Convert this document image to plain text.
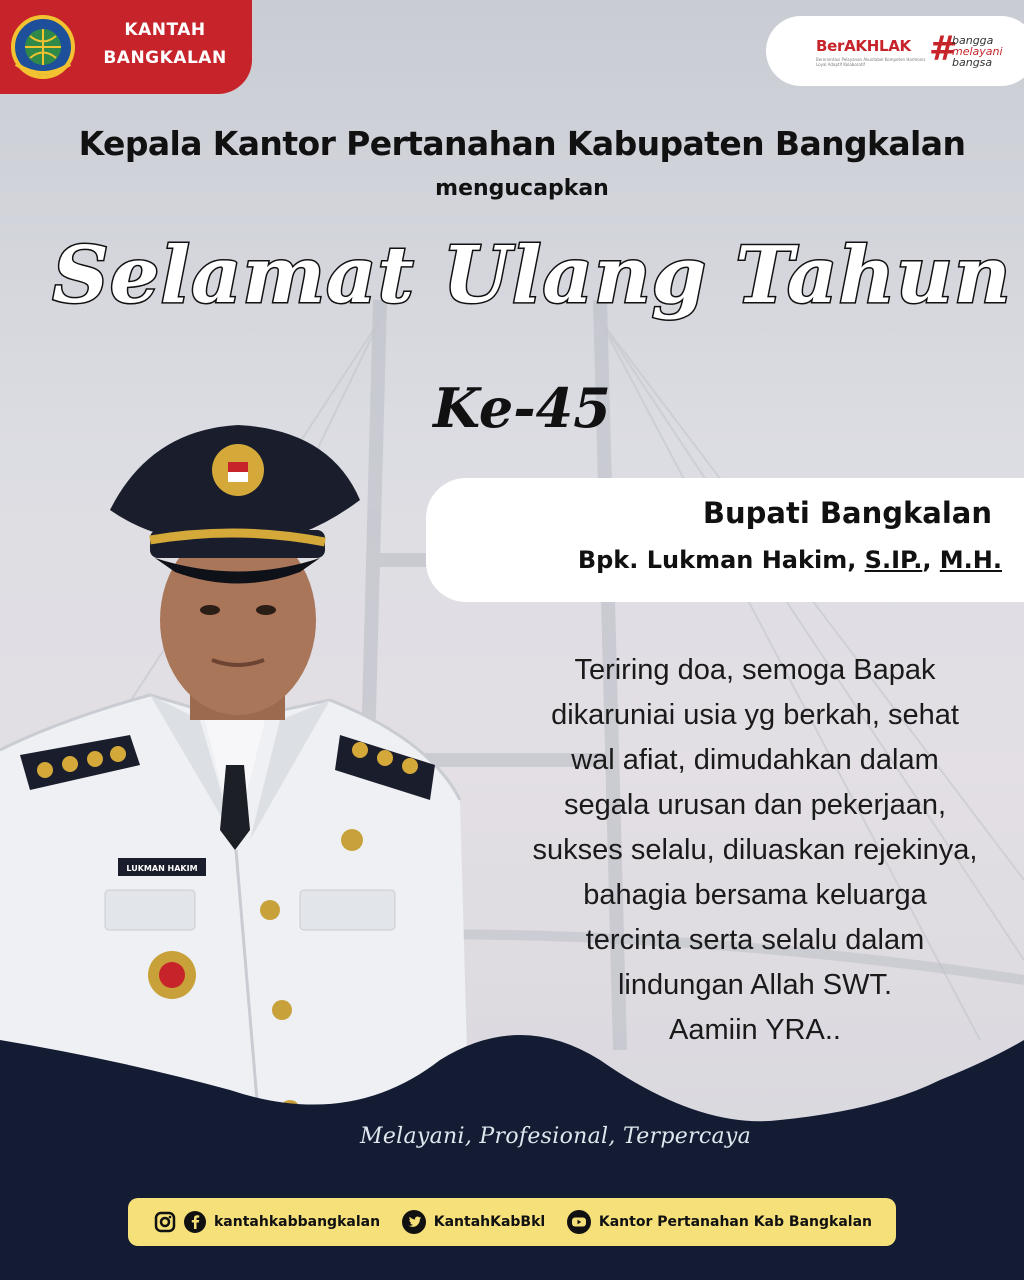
KANTAH
BANGKALAN
BerAKHLAK
Berorientasi Pelayanan Akuntabel Kompeten Harmonis Loyal Adaptif Kolaboratif	#
bangga
melayani
bangsa
Kepala Kantor Pertanahan Kabupaten Bangkalan
mengucapkan
Selamat Ulang Tahun
Ke-45
LUKMAN HAKIM
Bupati Bangkalan
Bpk. Lukman Hakim, S.IP., M.H.
Teriring doa, semoga Bapak
dikaruniai usia yg berkah, sehat
wal afiat, dimudahkan dalam
segala urusan dan pekerjaan,
sukses selalu, diluaskan rejekinya,
bahagia bersama keluarga
tercinta serta selalu dalam
lindungan Allah SWT.
Aamiin YRA..
Melayani, Profesional, Terpercaya
kantahkabbangkalan	KantahKabBkl	Kantor Pertanahan Kab Bangkalan
